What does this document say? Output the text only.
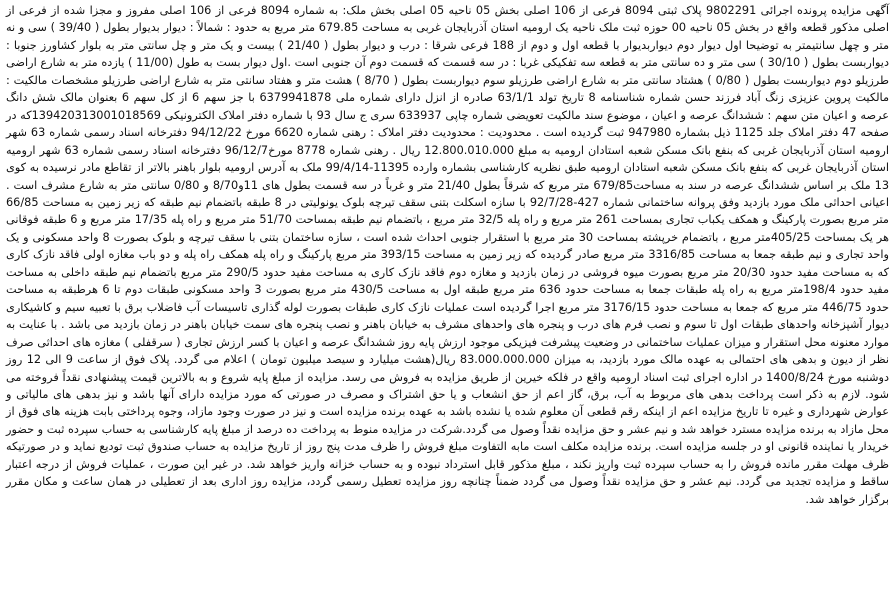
آگهی مزایده پرونده اجرائی 9802291 پلاک ثبتی 8094 فرعی از 106 اصلی بخش 05 ناحیه 05 اصلی بخش ملک: به شماره 8094 فرعی از 106 اصلی مفروز و مجزا شده از فرعی از اصلی مذکور قطعه واقع در بخش 05 ناحیه 00 حوزه ثبت ملک ناحیه یک ارومیه استان آذربایجان غربی به مساحت 679.85 متر مربع به حدود : شمالاً : دیوار بدیوار بطول ( 39/40 ) سی و نه متر و چهل سانتیمتر به توضیحا اول دیوار دوم دیواربدیوار با قطعه اول و دوم از 188 فرعی شرقا : درب و دیوار بطول ( 21/40 ) بیست و یک متر و چل سانتی متر به بلوار کشاورز جنوبا : دیواربست بطول ( 30/10 ) سی متر و ده سانتی متر به قطعه سه تفکیکی غربا : در سه قسمت که قسمت دوم آن جنوبی است .اول دیوار بست به طول (11/00 ) یازده متر به شارع اراضی طرزیلو دوم دیواربست بطول ( 0/80 ) هشتاد سانتی متر به شارع اراضی طرزیلو سوم دیواربست بطول ( 8/70 ) هشت متر و هفتاد سانتی متر به شارع اراضی طرزیلو مشخصات مالکیت : مالکیت پروین عزیزی زنگ آباد فرزند حسن شماره شناسنامه 8 تاریخ تولد 63/1/1 صادره از انزل دارای شماره ملی 6379941878 با جز سهم 6 از کل سهم 6 بعنوان مالک شش دانگ عرصه و اعیان متن سهم : ششدانگ عرصه و اعیان ، موضوع سند مالکیت تعویضی شماره چاپی 633937 سری ج سال 93 با شماره دفتر املاک الکترونیکی 139420313001018569که در صفحه 47 دفتر املاک جلد 1125 ذیل بشماره 947980 ثبت گردیده است . محدودیت : محدودیت دفتر املاک : رهنی شماره 6620 مورخ 94/12/22 دفترخانه اسناد رسمی شماره 63 شهر ارومیه استان آذربایجان غربی که بنفع بانک مسکن شعبه استادان ارومیه به مبلغ 12.800.010.000 ریال . رهنی شماره 8778 مورخ96/12/7 دفترخانه اسناد رسمی شماره 63 شهر ارومیه استان آذربایجان غربی که بنفع بانک مسکن شعبه استادان ارومیه طبق نظریه کارشناسی بشماره وارده 11395-99/4/14 ملک به آدرس ارومیه بلوار باهنر بالاتر از تقاطع مادر نرسیده به کوی 13 ملک بر اساس ششدانگ عرصه در سند به مساحت679/85 متر مربع که شرقاً بطول 21/40 متر و غرباً در سه قسمت بطول های 11و8/70 و 0/80 سانتی متر به شارع مشرف است . اعیانی احداثی ملک مورد بازدید وفق پروانه ساختمانی شماره 427-92/7/28 با سازه اسکلت بتنی سقف تیرچه بلوک یونولیتی در 8 طبقه باتضمام نیم طبقه که زیر زمین به مساحت 66/85 متر مربع بصورت پارکینگ و همکف یکباب تجاری بمساحت 261 متر مربع و راه پله 32/5 متر مربع ، باتضمام نیم طبقه بمساحت 51/70 متر مربع و راه پله 17/35 متر مربع و 6 طبقه فوقانی هر یک بمساحت 405/25متر مربع ، باتضمام خرپشته بمساحت 30 متر مربع با استقرار جنوبی احداث شده است ، سازه ساختمان بتنی با سقف تیرچه و بلوک بصورت 8 واحد مسکونی و یک واحد تجاری و نیم طبقه جمعا به مساحت 3316/85 متر مربع صادر گردیده که زیر زمین به مساحت 393/15 متر مربع پارکینگ و راه پله همکف راه پله و دو باب مغازه اولی فاقد نازک کاری که به مساحت مفید حدود 20/30 متر مربع بصورت میوه فروشی در زمان بازدید و مغازه دوم فاقد نازک کاری به مساحت مفید حدود 290/5 متر مربع باتضمام نیم طبقه داخلی به مساحت مفید حدود 198/4متر مربع به راه پله طبقات جمعا به مساحت حدود 636 متر مربع طبقه اول به مساحت 430/5 متر مربع بصورت 3 واحد مسکونی طبقات دوم تا 6 هرطبقه به مساحت حدود 446/75 متر مربع که جمعا به مساحت حدود 3176/15 متر مربع اجرا گردیده است عملیات نازک کاری طبقات بصورت لوله گذاری تاسیسات آب فاضلاب برق با تعبیه سیم و کاشیکاری دیوار آشپزخانه واحدهای طبقات اول تا سوم و نصب فرم های درب و پنجره های واحدهای مشرف به خیابان باهنر و نصب پنجره های سمت خیابان باهنر در زمان بازدید می باشد . با عنایت به موارد معنونه محل استقرار و میزان عملیات ساختمانی در وضعیت پیشرفت فیزیکی موجود ارزش پایه روز ششدانگ عرصه و اعیان با کسر ارزش تجاری ( سرقفلی ) مغازه های احداثی صرف نظر از دیون و بدهی های احتمالی به عهده مالک مورد بازدید، به میزان 83.000.000.000 ریال(هشت میلیارد و سیصد میلیون تومان ) اعلام می گردد. پلاک فوق از ساعت 9 الی 12 روز دوشنبه مورخ 1400/8/24 در اداره اجرای ثبت اسناد ارومیه واقع در فلکه خیرین از طریق مزایده به فروش می رسد. مزایده از مبلغ پایه شروع و به بالاترین قیمت پیشنهادی نقداً فروخته می شود. لازم به ذکر است پرداخت بدهی های مربوط به آب، برق، گاز اعم از حق انشعاب و یا حق اشتراک و مصرف در صورتی که مورد مزایده دارای آنها باشد و نیز بدهی های مالیاتی و عوارض شهرداری و غیره تا تاریخ مزایده اعم از اینکه رقم قطعی آن معلوم شده یا نشده باشد به عهده برنده مزایده است و نیز در صورت وجود مازاد، وجوه پرداختی بابت هزینه های فوق از محل مازاد به برنده مزایده مسترد خواهد شد و نیم عشر و حق مزایده نقداً وصول می گردد.شرکت در مزایده منوط به پرداخت ده درصد از مبلغ پایه کارشناسی به حساب سپرده ثبت و حضور خریدار یا نماینده قانونی او در جلسه مزایده است. برنده مزایده مکلف است مابه التفاوت مبلغ فروش را ظرف مدت پنج روز از تاریخ مزایده به حساب صندوق ثبت تودیع نماید و در صورتیکه ظرف مهلت مقرر مانده فروش را به حساب سپرده ثبت واریز نکند ، مبلغ مذکور قابل استرداد نبوده و به حساب خزانه واریز خواهد شد. در غیر این صورت ، عملیات فروش از درجه اعتبار ساقط و مزایده تجدید می گردد. نیم عشر و حق مزایده نقداً وصول می گردد ضمناً چنانچه روز مزایده تعطیل رسمی گردد، مزایده روز اداری بعد از تعطیلی در همان ساعت و مکان مقرر برگزار خواهد شد.
